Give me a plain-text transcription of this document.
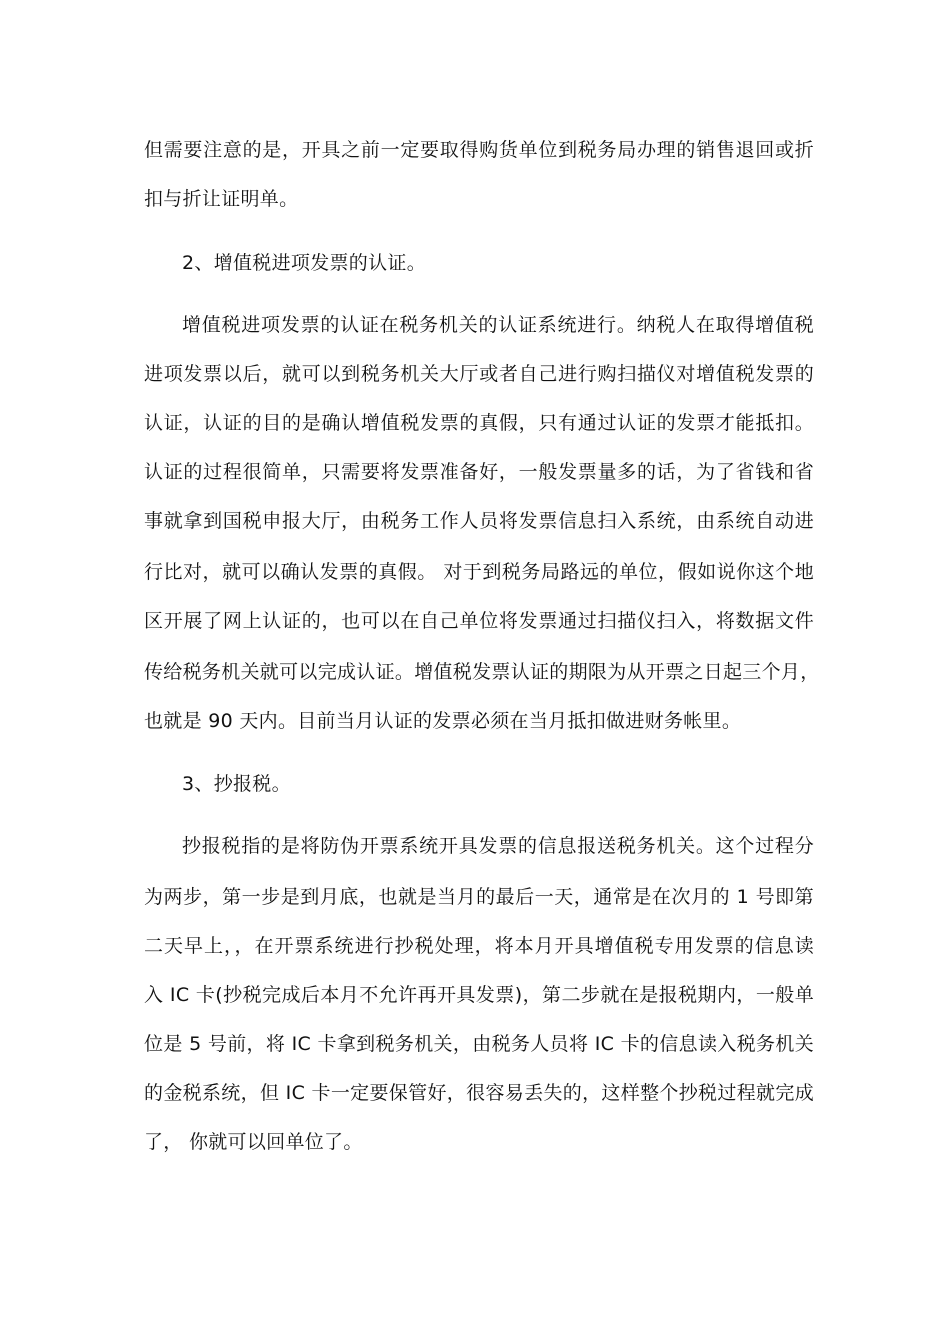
但需要注意的是，开具之前一定要取得购货单位到税务局办理的销售退回或折
扣与折让证明单。
2、增值税进项发票的认证。
增值税进项发票的认证在税务机关的认证系统进行。纳税人在取得增值税
进项发票以后，就可以到税务机关大厅或者自己进行购扫描仪对增值税发票的
认证，认证的目的是确认增值税发票的真假，只有通过认证的发票才能抵扣。
认证的过程很简单，只需要将发票准备好，一般发票量多的话，为了省钱和省
事就拿到国税申报大厅，由税务工作人员将发票信息扫入系统，由系统自动进
行比对，就可以确认发票的真假。 对于到税务局路远的单位，假如说你这个地
区开展了网上认证的，也可以在自己单位将发票通过扫描仪扫入，将数据文件
传给税务机关就可以完成认证。增值税发票认证的期限为从开票之日起三个月，
也就是 90 天内。目前当月认证的发票必须在当月抵扣做进财务帐里。
3、抄报税。
抄报税指的是将防伪开票系统开具发票的信息报送税务机关。这个过程分
为两步，第一步是到月底，也就是当月的最后一天，通常是在次月的 1 号即第
二天早上，，在开票系统进行抄税处理，将本月开具增值税专用发票的信息读
入 IC 卡(抄税完成后本月不允许再开具发票)，第二步就在是报税期内，一般单
位是 5 号前，将 IC 卡拿到税务机关，由税务人员将 IC 卡的信息读入税务机关
的金税系统，但 IC 卡一定要保管好，很容易丢失的，这样整个抄税过程就完成
了， 你就可以回单位了。
